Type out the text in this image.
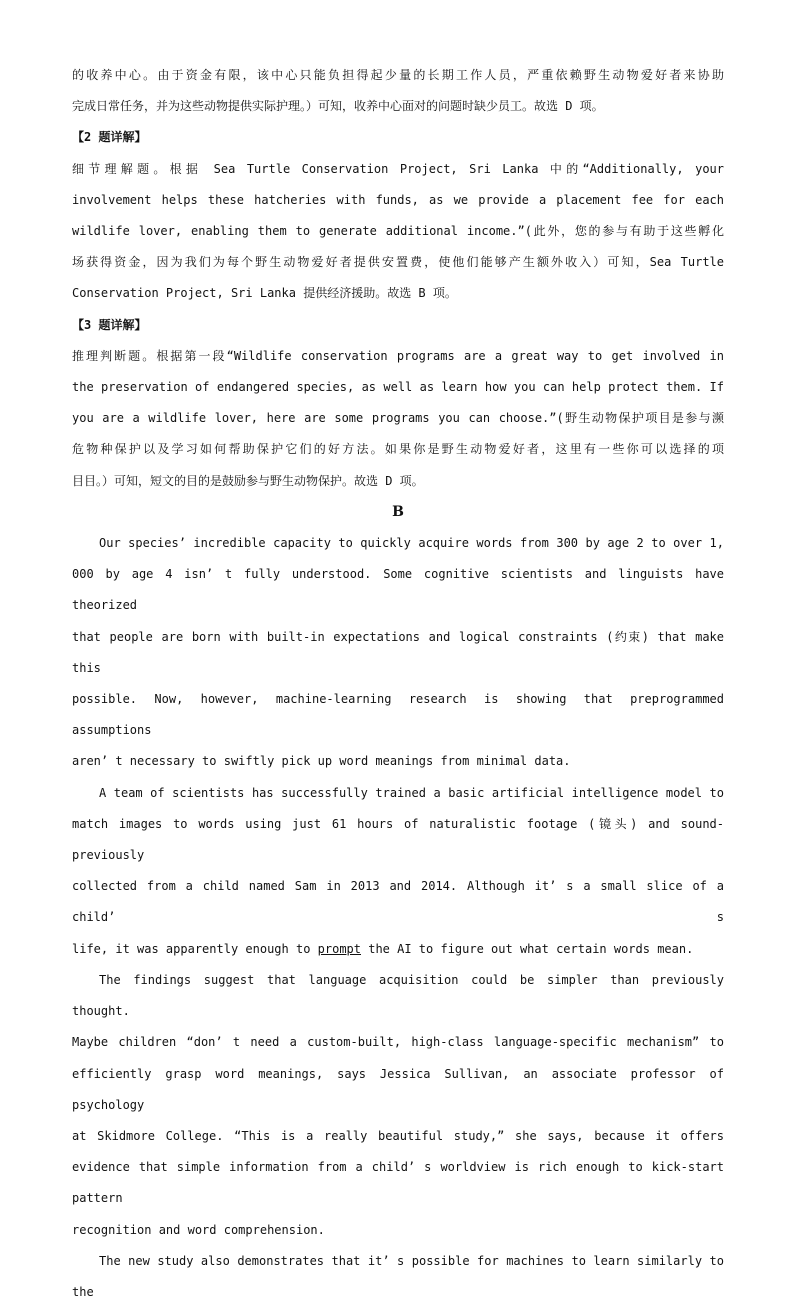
的收养中心。由于资金有限，该中心只能负担得起少量的长期工作人员，严重依赖野生动物爱好者来协助
完成日常任务，并为这些动物提供实际护理。）可知，收养中心面对的问题时缺少员工。故选 D 项。
【2 题详解】
细节理解题。根据 Sea Turtle Conservation Project, Sri Lanka 中的“Additionally, your
involvement helps these hatcheries with funds, as we provide a placement fee for each
wildlife lover, enabling them to generate additional income.”(此外，您的参与有助于这些孵化
场获得资金，因为我们为每个野生动物爱好者提供安置费，使他们能够产生额外收入）可知，Sea Turtle
Conservation Project, Sri Lanka 提供经济援助。故选 B 项。
【3 题详解】
推理判断题。根据第一段“Wildlife conservation programs are a great way to get involved in
the preservation of endangered species, as well as learn how you can help protect them. If
you are a wildlife lover, here are some programs you can choose.”(野生动物保护项目是参与濒
危物种保护以及学习如何帮助保护它们的好方法。如果你是野生动物爱好者，这里有一些你可以选择的项
目目。）可知，短文的目的是鼓励参与野生动物保护。故选 D 项。
B
Our species’ incredible capacity to quickly acquire words from 300 by age 2 to over 1,
000 by age 4 isn’ t fully understood. Some cognitive scientists and linguists have theorized
that people are born with built-in expectations and logical constraints (约束) that make this
possible. Now, however, machine-learning research is showing that preprogrammed assumptions
aren’ t necessary to swiftly pick up word meanings from minimal data.
A team of scientists has successfully trained a basic artificial intelligence model to
match images to words using just 61 hours of naturalistic footage (镜头) and sound-previously
collected from a child named Sam in 2013 and 2014. Although it’ s a small slice of a child’ s
life, it was apparently enough to prompt the AI to figure out what certain words mean.
The findings suggest that language acquisition could be simpler than previously thought.
Maybe children “don’ t need a custom-built, high-class language-specific mechanism” to
efficiently grasp word meanings, says Jessica Sullivan, an associate professor of psychology
at Skidmore College. “This is a really beautiful study,” she says, because it offers
evidence that simple information from a child’ s worldview is rich enough to kick-start pattern
recognition and word comprehension.
The new study also demonstrates that it’ s possible for machines to learn similarly to the
